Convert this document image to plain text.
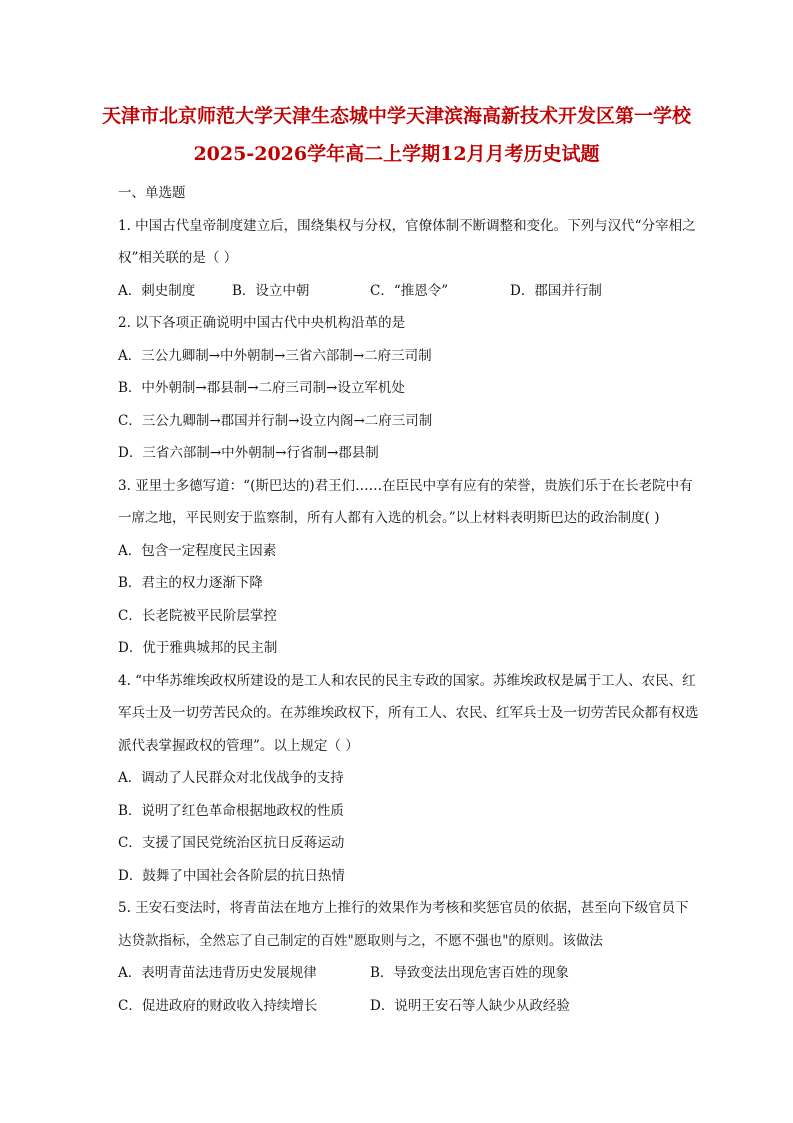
天津市北京师范大学天津生态城中学天津滨海高新技术开发区第一学校
2025-2026学年高二上学期12月月考历史试题
一、单选题
1. 中国古代皇帝制度建立后，围绕集权与分权，官僚体制不断调整和变化。下列与汉代“分宰相之
权”相关联的是（ ）
A．刺史制度	B．设立中朝	C．“推恩令”	D．郡国并行制
2. 以下各项正确说明中国古代中央机构沿革的是
A．三公九卿制→中外朝制→三省六部制→二府三司制
B．中外朝制→郡县制→二府三司制→设立军机处
C．三公九卿制→郡国并行制→设立内阁→二府三司制
D．三省六部制→中外朝制→行省制→郡县制
3. 亚里士多德写道：“(斯巴达的)君王们……在臣民中享有应有的荣誉，贵族们乐于在长老院中有
一席之地，平民则安于监察制，所有人都有入选的机会。”以上材料表明斯巴达的政治制度( )
A．包含一定程度民主因素
B．君主的权力逐渐下降
C．长老院被平民阶层掌控
D．优于雅典城邦的民主制
4. “中华苏维埃政权所建设的是工人和农民的民主专政的国家。苏维埃政权是属于工人、农民、红
军兵士及一切劳苦民众的。在苏维埃政权下，所有工人、农民、红军兵士及一切劳苦民众都有权选
派代表掌握政权的管理”。以上规定（ ）
A．调动了人民群众对北伐战争的支持
B．说明了红色革命根据地政权的性质
C．支援了国民党统治区抗日反蒋运动
D．鼓舞了中国社会各阶层的抗日热情
5. 王安石变法时，将青苗法在地方上推行的效果作为考核和奖惩官员的依据，甚至向下级官员下
达贷款指标，全然忘了自己制定的百姓"愿取则与之，不愿不强也"的原则。该做法
A．表明青苗法违背历史发展规律	B．导致变法出现危害百姓的现象
C．促进政府的财政收入持续增长	D．说明王安石等人缺少从政经验
